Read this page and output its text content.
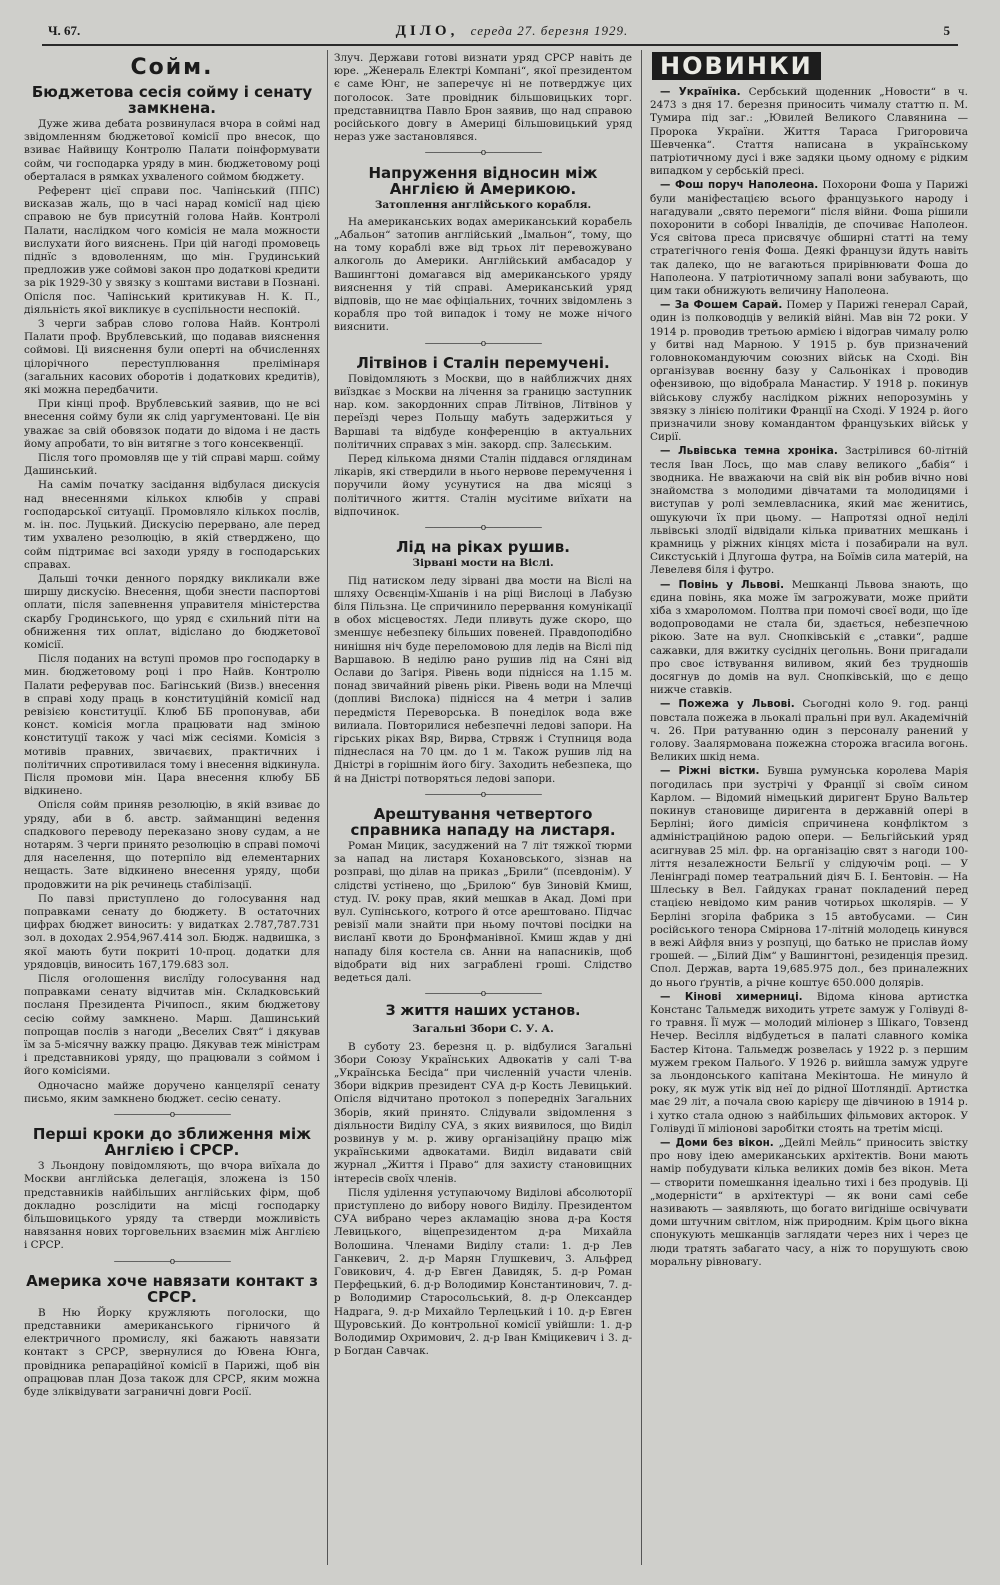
Ч. 67.	ДІЛО, середа 27. березня 1929.	5
Сойм.
Бюджетова сесія сойму і сенату замкнена.

Дуже жива дебата розвинулася вчора в соймі над звідомленням бюджетової комісії про внесок, що взиває Найвищу Контролю Палати поінформувати сойм, чи господарка уряду в мин. бюджетовому році оберталася в рямках ухваленого соймом бюджету.

Референт цієї справи пос. Чапінський (ППС) висказав жаль, що в часі нарад комісії над цією справою не був присутній голова Найв. Контролі Палати, наслідком чого комісія не мала можности вислухати його вияснень. При цій нагоді промовець піднїс з вдоволенням, що мін. Грудинський предложив уже соймові закон про додаткові кредити за рік 1929-30 у звязку з коштами вистави в Познані. Опісля пос. Чапінський критикував Н. К. П., діяльність якої викликує в суспільности неспокій.

З черги забрав слово голова Найв. Контролі Палати проф. Врублевський, що подавав вияснення соймові. Ці вияснення були оперті на обчисленнях цілорічного переступлювання прелімінаря (загальних касових оборотів і додаткових кредитів), які можна передбачити.

При кінці проф. Врублевський заявив, що не всі внесення сойму були як слід уаргументовані. Це він уважає за свій обовязок подати до відома і не дасть йому апробати, то він витягне з того консеквенції.

Після того промовляв ще у тій справі марш. сойму Дашинський.

На самім початку засідання відбулася дискусія над внесеннями кількох клюбів у справі господарської ситуації. Промовляло кількох послів, м. ін. пос. Луцький. Дискусію перервано, але перед тим ухвалено резолюцію, в якій стверджено, що сойм підтримає всі заходи уряду в господарських справах.

Дальші точки денного порядку викликали вже ширшу дискусію. Внесення, щоби знести паспортові оплати, після запевнення управителя міністерства скарбу Гродинського, що уряд є схильний піти на обниження тих оплат, відіслано до бюджетової комісії.

Після поданих на вступі промов про господарку в мин. бюджетовому році і про Найв. Контролю Палати реферував пос. Багінський (Визв.) внесення в справі ходу праць в конституційній комісії над ревізією конституції. Клюб ББ пропонував, аби конст. комісія могла працювати над зміною конституції також у часі між сесіями. Комісія з мотивів правних, звичаєвих, практичних і політичних спротивилася тому і внесення відкинула. Після промови мін. Цара внесення клюбу ББ відкинено.

Опісля сойм приняв резолюцію, в якій взиває до уряду, аби в б. австр. займанщині ведення спадкового переводу переказано знову судам, а не нотарям. З черги принято резолюцію в справі помочі для населення, що потерпіло від елементарних нещасть. Зате відкинено внесення уряду, щоби продовжити на рік речинець стабілізації.

По павзі приступлено до голосування над поправками сенату до бюджету. В остаточних цифрах бюджет виносить: у видатках 2.787,787.731 зол. в доходах 2.954,967.414 зол. Бюдж. надвишка, з якої мають бути покриті 10-проц. додатки для урядовців, виносить 167,179.683 зол.

Після оголошення вислїду голосування над поправками сенату відчитав мін. Складковський посланя Президента Річипосп., яким бюджетову сесію сойму замкнено. Марш. Дашинський попрощав послів з нагоди „Веселих Свят“ і дякував їм за 5-місячну важку працю. Дякував теж міністрам і представникові уряду, що працювали з соймом і його комісіями.

Одночасно майже доручено канцелярії сенату письмо, яким замкнено бюджет. сесію сенату.

———————o———————
Перші кроки до зближення між Англією і СРСР.

З Льондону повідомляють, що вчора виїхала до Москви англійська делегація, зложена із 150 представників найбільших англійських фірм, щоб докладно розслідити на місці господарку більшовицького уряду та стверди можливість навязання нових торговельних взаємин між Англією і СРСР.

———————o———————
Америка хоче навязати контакт з СРСР.

В Ню Йорку кружляють поголоски, що представники американського гірничого й електричного промислу, які бажають навязати контакт з СРСР, звернулися до Ювена Юнга, провідника репараційної комісії в Парижі, щоб він опрацював план Доза також для СРСР, яким можна буде злiквiдувати заграничні довги Росії.

Злуч. Держави готові визнати уряд СРСР навіть де юре. „Женераль Електрі Компані“, якої президентом є саме Юнг, не заперечує ні не потверджує цих поголосок. Зате провідник більшовицьких торг. представництва Павло Брон заявив, що над справою російського довгу в Америці більшовицький уряд нераз уже застановлявся.

———————o———————
Напруження відносин між Англією й Америкою.
Затоплення англійського корабля.

На американських водах американський корабель „Абальон“ затопив англійський „Імальон“, тому, що на тому кораблі вже від трьох літ перевожувано алкоголь до Америки. Англійський амбасадор у Вашингтоні домагався від американського уряду вияснення у тій справі. Американський уряд відповів, що не має офіціальних, точних звідомлень з корабля про той випадок і тому не може нічого вияснити.

———————o———————
Літвінов і Сталін перемучені.

Повідомляють з Москви, що в найближчих днях виїздкає з Москви на лічення за границю заступник нар. ком. закордонних справ Літвінов, Літвінов у переїзді через Польщу мабуть задержиться у Варшаві та відбуде конференцію в актуальних політичних справах з мін. закорд. спр. Залєським.

Перед кількома днями Сталін піддався оглядинам лікарів, які ствердили в нього нервове перемучення і поручили йому усунутися на два місяці з політичного життя. Сталін мусітиме виїхати на відпочинок.

———————o———————
Лід на ріках рушив.
Зірвані мости на Віслі.

Під натиском леду зірвані два мости на Віслі на шляху Освєнцім-Хшанів і на ріці Вислоці в Лабузю біля Пільзна. Це спричинило перервання комунікації в обох місцевостях. Леди пливуть дуже скоро, що зменшує небезпеку більших повеней. Правдоподібно нинішня ніч буде переломовою для ледів на Віслі під Варшавою. В неділю рано рушив лід на Сяні від Ослави до Загіря. Рівень води піднісся на 1.15 м. понад звичайний рівень ріки. Рівень води на Млечці (допливі Вислока) піднісся на 4 метри і залив передмістя Переворська. В понеділок вода вже вилиала. Повторилися небезпечні ледові запори. На гірських ріках Вяр, Вирва, Стрвяж і Ступниця вода піднеслася на 70 цм. до 1 м. Також рушив лід на Дністрі в горішнім його бігу. Заходить небезпека, що й на Дністрі потворяться ледові запори.

———————o———————
Арештування четвертого справника нападу на листаря.

Роман Мицик, засуджений на 7 літ тяжкої тюрми за напад на листаря Кохановського, зізнав на розправі, що ділав на приказ „Брили“ (псевдонім). У слідстві устінено, що „Брилою“ був Зиновій Кмиш, студ. IV. року прав, який мешкав в Акад. Домі при вул. Супінського, котрого й отсе арештовано. Підчас ревізії мали знайти при ньому почтові посідки на висланї квоти до Бронфманівної. Кмиш ждав у дні нападу біля костела св. Анни на напасників, щоб відобрати від них заграблені гроші. Слідство ведеться далі.

———————o———————
З життя наших установ.
Загальні Збори С. У. А.

В суботу 23. березня ц. р. відбулися Загальні Збори Союзу Українських Адвокатів у салі Т-ва „Українська Бесіда“ при численній участи членів. Збори відкрив президент СУА д-р Кость Левицький. Опісля відчитано протокол з попередніх Загальних Зборів, який принято. Слідували звідомлення з діяльности Виділу СУА, з яких виявилося, що Виділ розвинув у м. р. живу організаційну працю між українськими адвокатами. Виділ видавати свій журнал „Життя і Право“ для захисту становищних інтересів своїх членів.

Після уділення уступаючому Виділові абсолюторії приступлено до вибору нового Виділу. Президентом СУА вибрано через акламацію знова д-ра Костя Левицького, віцепрезидентом д-ра Михайла Волошина. Членами Виділу стали: 1. д-р Лев Ганкевич, 2. д-р Марян Глушкевич, 3. Альфред Говикович, 4. д-р Евген Давидяк, 5. д-р Роман Перфецький, 6. д-р Володимир Константинович, 7. д-р Володимир Старосольський, 8. д-р Олександер Надрага, 9. д-р Михайло Терлецький і 10. д-р Евген Щуровський. До контрольної комісії увійшли: 1. д-р Володимир Охримович, 2. д-р Іван Кміцикевич і 3. д-р Богдан Савчак.

НОВИНКИ

— Україніка. Сербський щоденник „Новости“ в ч. 2473 з дня 17. березня приносить чималу статтю п. М. Тумира під заг.: „Ювилей Великого Славянина — Пророка України. Життя Тараса Григоровича Шевченка“. Стаття написана в українському патріотичному дусі і вже задяки цьому одному є рідким випадком у сербській пресі.

— Фош поруч Наполеона. Похорони Фоша у Парижі були маніфестацією всього французького народу і нагадували „свято перемоги“ після війни. Фоша рішили похоронити в соборі Інвалідів, де спочиває Наполеон. Уся світова преса присвячує обширні статті на тему стратегічного генія Фоша. Деякі французи йдуть навіть так далеко, що не вагаються прирівнювати Фоша до Наполеона. У патріотичному запалі вони забувають, що цим таки обнижують величину Наполеона.

— За Фошем Сарай. Помер у Парижі генерал Сарай, один із полководців у великій війні. Мав він 72 роки. У 1914 р. проводив третьою армією і відограв чималу ролю у битві над Марною. У 1915 р. був призначений головнокомандуючим союзних військ на Сході. Він організував воєнну базу у Сальоніках і проводив офензивою, що відобрала Манастир. У 1918 р. покинув військову службу наслідком ріжних непорозумінь у звязку з лінією політики Франції на Сході. У 1924 р. його призначили знову командантом французьких військ у Сирії.

— Львівська темна хроніка. Застрілився 60-літній тесля Іван Лось, що мав славу великого „бабія“ і зводника. Не вважаючи на свій вік він робив вічно нові знайомства з молодими дівчатами та молодицями і виступав у ролі землевласника, який має женитись, ошукуючи їх при цьому. — Напротязі одної неділі львівські злодії відвідали кілька приватних мешкань і крамниць у ріжних кінцях міста і позабирали на вул. Сикстуській і Длугоша футра, на Боїмів сила матерій, на Левелевя біля і футро.

— Повінь у Львові. Мешканці Львова знають, що єдина повінь, яка може їм загрожувати, може прийти хіба з хмароломом. Полтва при помочі своєї води, що їде водопроводами не стала би, здається, небезпечною рікою. Зате на вул. Снопківській є „ставки“, радше сажавки, для вжитку сусідніх цегольнь. Вони пригадали про своє іствування виливом, який без трудношів досягнув до домів на вул. Снопківській, що є дещо нижче ставків.

— Пожежа у Львові. Сьогодні коло 9. год. ранці повстала пожежа в льокалі пральні при вул. Академічній ч. 26. При ратуванню один з персоналу ранений у голову. Заалярмована пожежна сторожа вгасила вогонь. Великих шкід нема.

— Ріжні вістки. Бувша румунська королева Марія погодилась при зустрічі у Франції зі своїм сином Карлом. — Відомий німецький диригент Бруно Вальтер покинув становище диригента в державній опері в Берліні; його димісія спричинена конфліктом з адміністраційною радою опери. — Бельгійський уряд асигнував 25 міл. фр. на організацію свят з нагоди 100-ліття незалежности Бельгії у слідуючім році. — У Ленінграді помер театральний діяч Б. І. Бентовін. — На Шлеську в Вел. Гайдуках гранат покладений перед стацією невідомо ким ранив чотирьох школярів. — У Берліні згоріла фабрика з 15 автобусами. — Син російського тенора Смірнова 17-літній молодець кинувся в вежі Айфля вниз у розпуці, що батько не прислав йому грошей. — „Білий Дім“ у Вашингтоні, резиденція презид. Спол. Держав, варта 19,685.975 дол., без приналежних до нього ґрунтів, а річне коштує 650.000 долярів.

— Кінові химерниці. Відома кінова артистка Констанс Тальмедж виходить утретє замуж у Голівуді 8-го травня. Її муж — молодий міліонер з Шікаго, Товзенд Нечер. Весілля відбудеться в палаті славного комікa Бастер Кітона. Тальмедж розвелась у 1922 р. з першим мужем греком Пальоґо. У 1926 р. вийшла замуж удруге за льондонського капітана Мекінтоша. Не минуло й року, як муж утік від неї до рідної Шотляндії. Артистка має 29 літ, а почала свою карієру ще дівчиною в 1914 р. і хутко стала одною з найбільших фільмових акторок. У Голівуді її міліонові заробітки стоять на третім місці.

— Доми без вікон. „Дейлі Мейль“ приносить звістку про нову ідею американських архітектів. Вони мають намір побудувати кілька великих домів без вікон. Мета — створити помешкання ідеально тихі і без продувів. Ці „модерністи“ в архітектурі — як вони самі себе називають — заявляють, що богато вигідніше освічувати доми штучним світлом, ніж природним. Крім цього вікна спонукують мешканців заглядати через них і через це люди тратять забагато часу, а ніж то порушують свою моральну рівновагу.
